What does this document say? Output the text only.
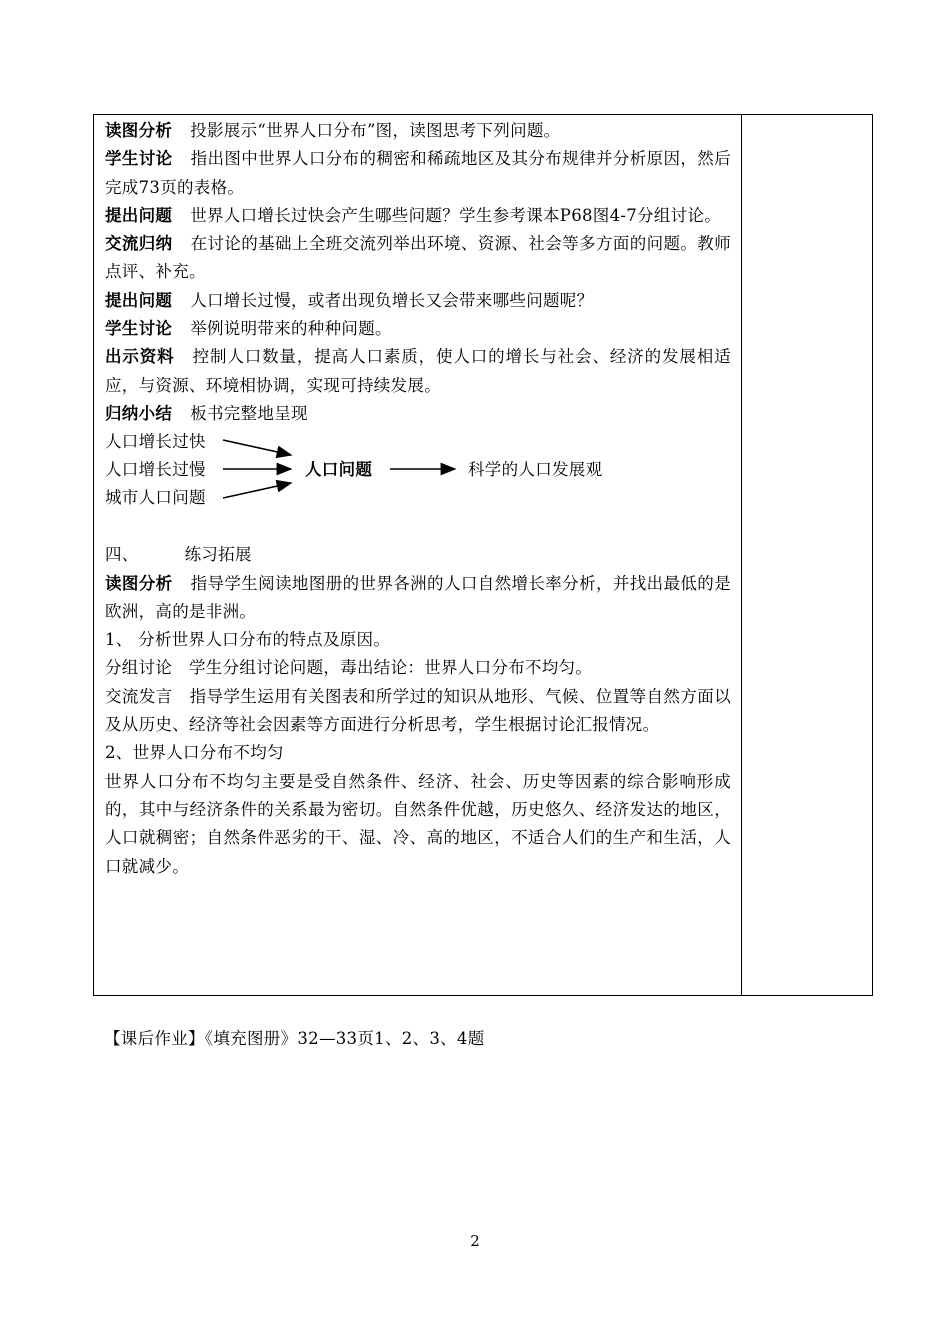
读图分析 投影展示“世界人口分布”图，读图思考下列问题。

学生讨论 指出图中世界人口分布的稠密和稀疏地区及其分布规律并分析原因，然后完成73页的表格。

提出问题 世界人口增长过快会产生哪些问题？学生参考课本P68图4-7分组讨论。

交流归纳 在讨论的基础上全班交流列举出环境、资源、社会等多方面的问题。教师点评、补充。

提出问题 人口增长过慢，或者出现负增长又会带来哪些问题呢？

学生讨论 举例说明带来的种种问题。

出示资料 控制人口数量，提高人口素质，使人口的增长与社会、经济的发展相适应，与资源、环境相协调，实现可持续发展。

归纳小结 板书完整地呈现

人口增长过快
人口增长过慢
城市人口问题
人口问题	科学的人口发展观

四、	练习拓展

读图分析 指导学生阅读地图册的世界各洲的人口自然增长率分析，并找出最低的是欧洲，高的是非洲。

1、 分析世界人口分布的特点及原因。

分组讨论　学生分组讨论问题，毒出结论：世界人口分布不均匀。

交流发言　指导学生运用有关图表和所学过的知识从地形、气候、位置等自然方面以及从历史、经济等社会因素等方面进行分析思考，学生根据讨论汇报情况。

2、世界人口分布不均匀

世界人口分布不均匀主要是受自然条件、经济、社会、历史等因素的综合影响形成的，其中与经济条件的关系最为密切。自然条件优越，历史悠久、经济发达的地区，人口就稠密；自然条件恶劣的干、湿、冷、高的地区，不适合人们的生产和生活，人口就减少。

【课后作业】《填充图册》32—33页1、2、3、4题
2
